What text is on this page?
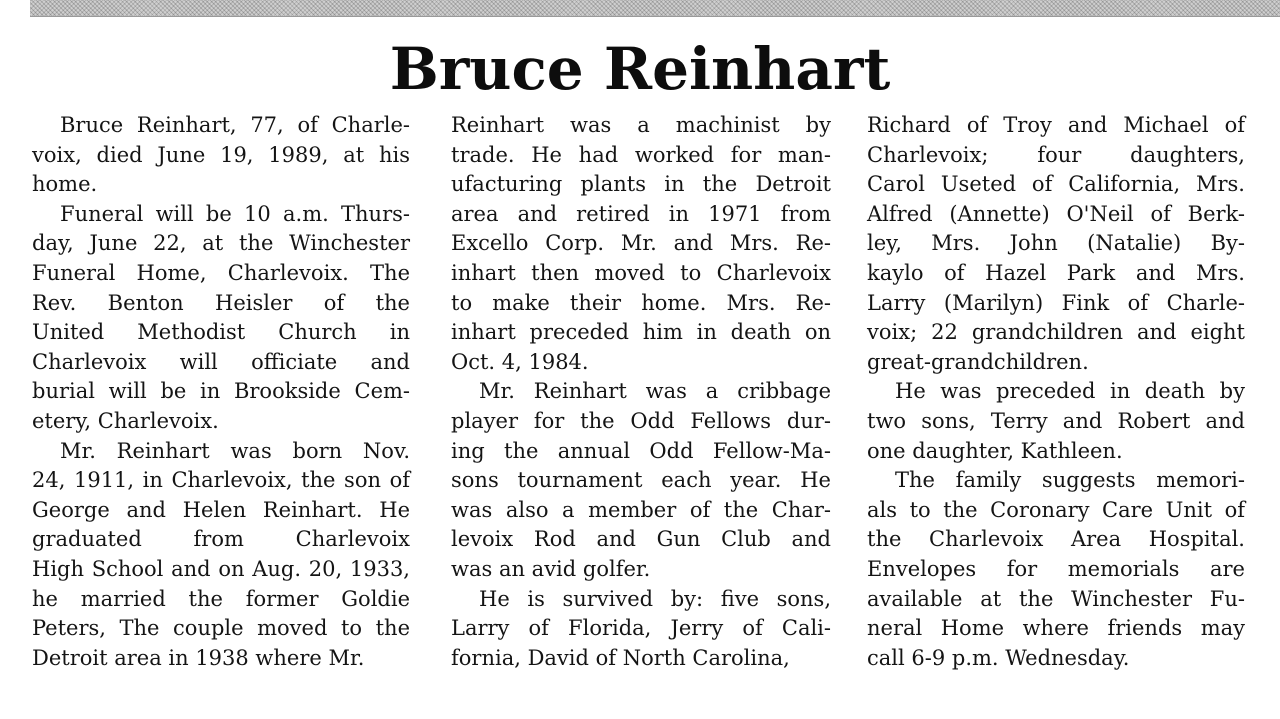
Bruce Reinhart
Bruce Reinhart, 77, of Charle-
voix, died June 19, 1989, at his
home.
Funeral will be 10 a.m. Thurs-
day, June 22, at the Winchester
Funeral Home, Charlevoix. The
Rev. Benton Heisler of the
United Methodist Church in
Charlevoix will officiate and
burial will be in Brookside Cem-
etery, Charlevoix.
Mr. Reinhart was born Nov.
24, 1911, in Charlevoix, the son of
George and Helen Reinhart. He
graduated from Charlevoix
High School and on Aug. 20, 1933,
he married the former Goldie
Peters, The couple moved to the
Detroit area in 1938 where Mr.
Reinhart was a machinist by
trade. He had worked for man-
ufacturing plants in the Detroit
area and retired in 1971 from
Excello Corp. Mr. and Mrs. Re-
inhart then moved to Charlevoix
to make their home. Mrs. Re-
inhart preceded him in death on
Oct. 4, 1984.
Mr. Reinhart was a cribbage
player for the Odd Fellows dur-
ing the annual Odd Fellow-Ma-
sons tournament each year. He
was also a member of the Char-
levoix Rod and Gun Club and
was an avid golfer.
He is survived by: five sons,
Larry of Florida, Jerry of Cali-
fornia, David of North Carolina,
Richard of Troy and Michael of
Charlevoix; four daughters,
Carol Useted of California, Mrs.
Alfred (Annette) O'Neil of Berk-
ley, Mrs. John (Natalie) By-
kaylo of Hazel Park and Mrs.
Larry (Marilyn) Fink of Charle-
voix; 22 grandchildren and eight
great-grandchildren.
He was preceded in death by
two sons, Terry and Robert and
one daughter, Kathleen.
The family suggests memori-
als to the Coronary Care Unit of
the Charlevoix Area Hospital.
Envelopes for memorials are
available at the Winchester Fu-
neral Home where friends may
call 6-9 p.m. Wednesday.
